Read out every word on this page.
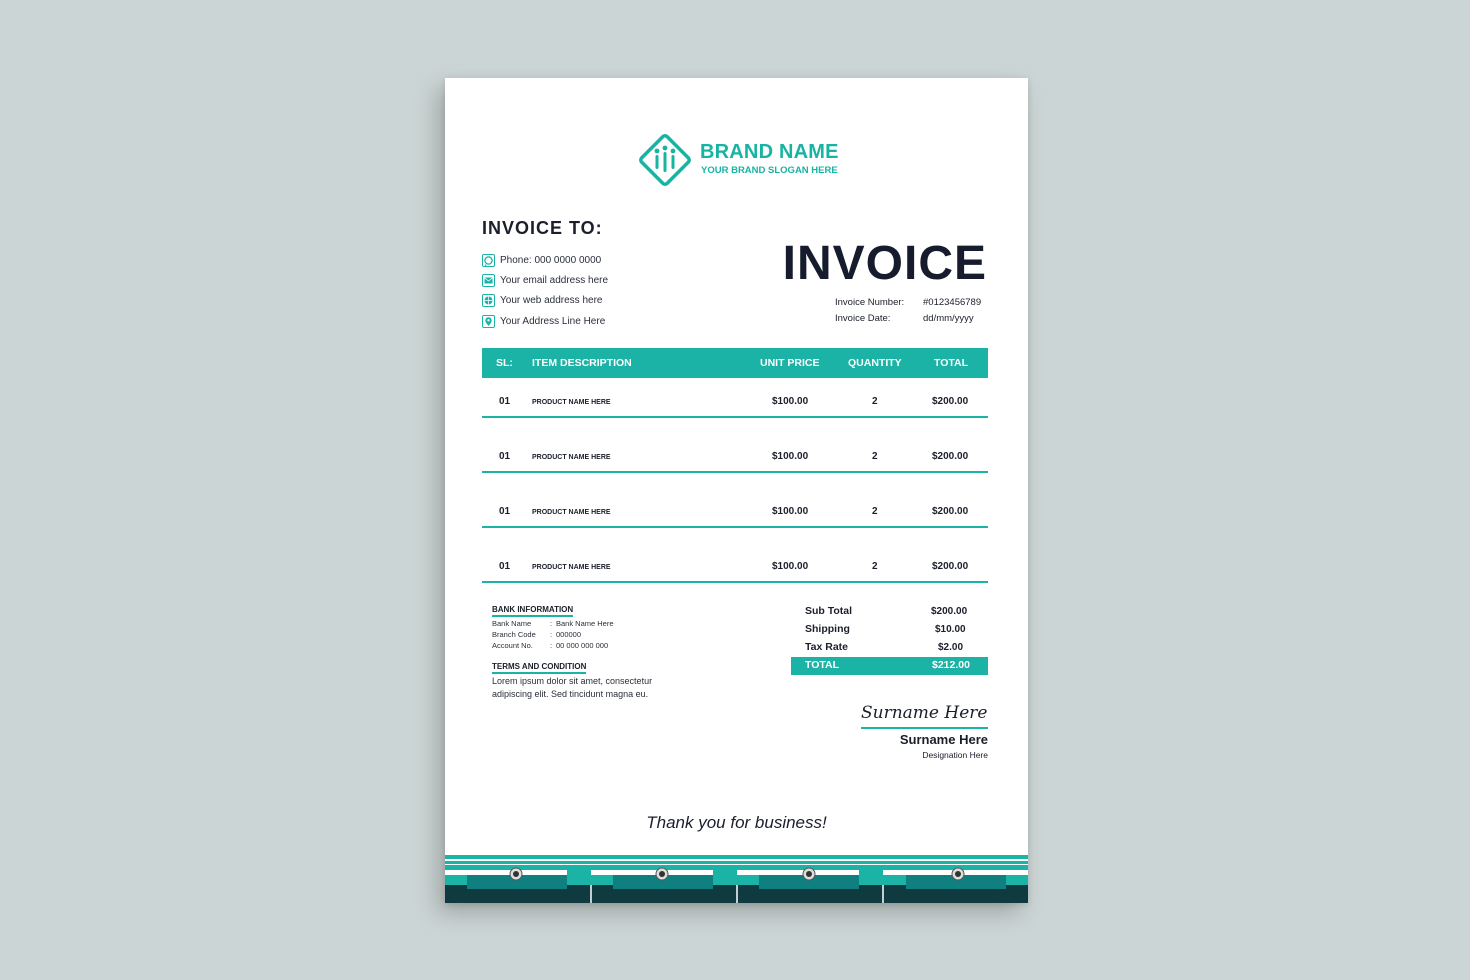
BRAND NAME
YOUR BRAND SLOGAN HERE
INVOICE TO:
Phone: 000 0000 0000
Your email address here
Your web address here
Your Address Line Here
INVOICE
Invoice Number: #0123456789
Invoice Date:	dd/mm/yyyy
SL: ITEM DESCRIPTION	UNIT PRICE	QUANTITY	TOTAL
01	PRODUCT NAME HERE	$100.00	2	$200.00
01	PRODUCT NAME HERE	$100.00	2	$200.00
01	PRODUCT NAME HERE	$100.00	2	$200.00
01	PRODUCT NAME HERE	$100.00	2	$200.00
BANK INFORMATION
Bank Name	: Bank Name Here
Branch Code : 000000
Account No. : 00 000 000 000
TERMS AND CONDITION
Lorem ipsum dolor sit amet, consectetur adipiscing elit. Sed tincidunt magna eu.
Sub Total	$200.00
Shipping	$10.00
Tax Rate	$2.00
TOTAL	$212.00
Surname Here
Surname Here
Designation Here
Thank you for business!
